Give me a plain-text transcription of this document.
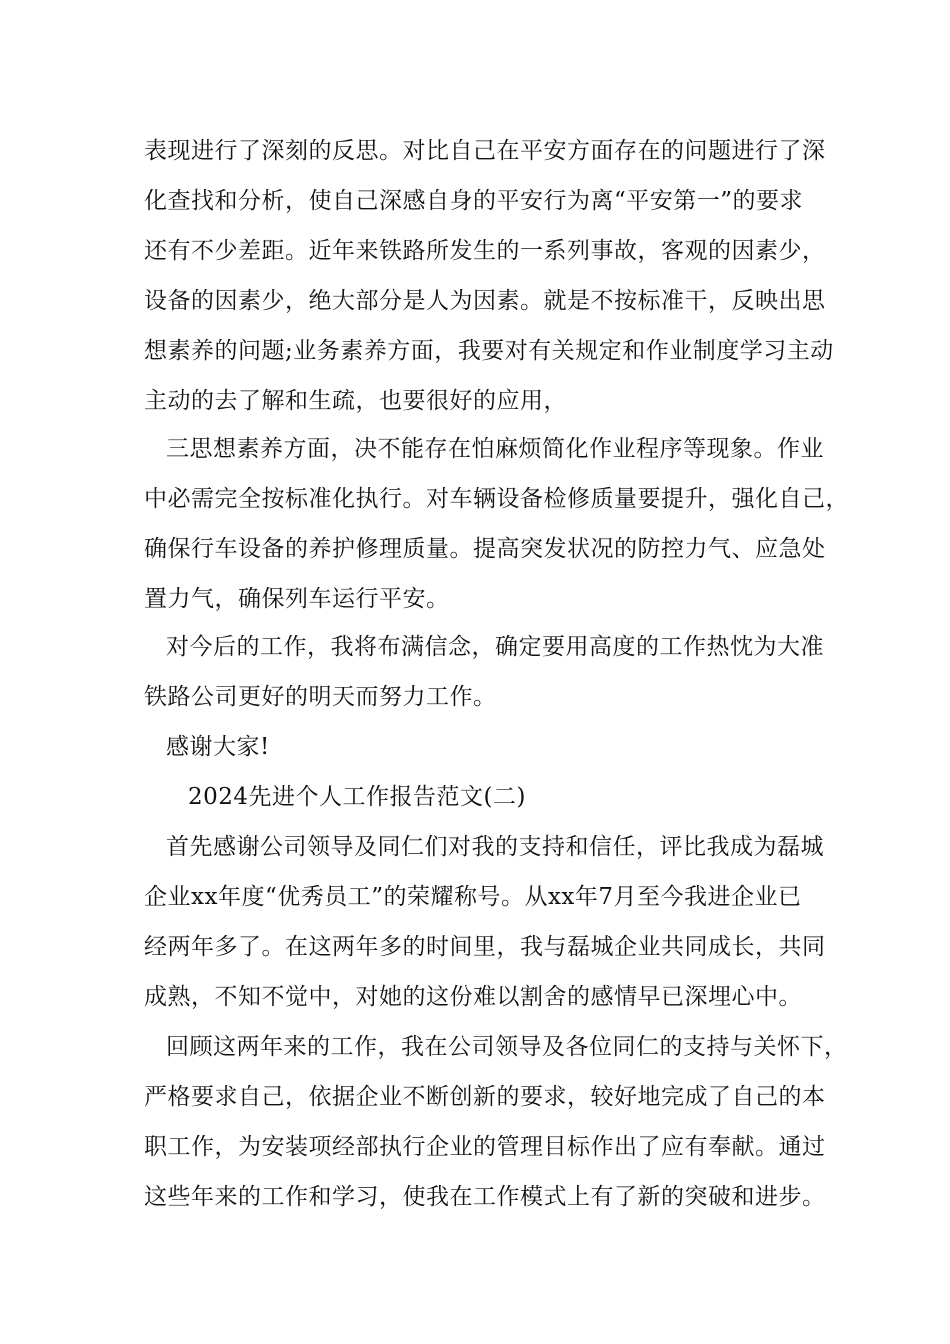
表现进行了深刻的反思。对比自己在平安方面存在的问题进行了深
化查找和分析，使自己深感自身的平安行为离“平安第一”的要求
还有不少差距。近年来铁路所发生的一系列事故，客观的因素少，
设备的因素少，绝大部分是人为因素。就是不按标准干，反映出思
想素养的问题;业务素养方面，我要对有关规定和作业制度学习主动
主动的去了解和生疏，也要很好的应用，
三思想素养方面，决不能存在怕麻烦简化作业程序等现象。作业
中必需完全按标准化执行。对车辆设备检修质量要提升，强化自己，
确保行车设备的养护修理质量。提高突发状况的防控力气、应急处
置力气，确保列车运行平安。
对今后的工作，我将布满信念，确定要用高度的工作热忱为大准
铁路公司更好的明天而努力工作。
感谢大家!
2024先进个人工作报告范文(二)
首先感谢公司领导及同仁们对我的支持和信任，评比我成为磊城
企业xx年度“优秀员工”的荣耀称号。从xx年7月至今我进企业已
经两年多了。在这两年多的时间里，我与磊城企业共同成长，共同
成熟，不知不觉中，对她的这份难以割舍的感情早已深埋心中。
回顾这两年来的工作，我在公司领导及各位同仁的支持与关怀下，
严格要求自己，依据企业不断创新的要求，较好地完成了自己的本
职工作，为安装项经部执行企业的管理目标作出了应有奉献。通过
这些年来的工作和学习，使我在工作模式上有了新的突破和进步。
